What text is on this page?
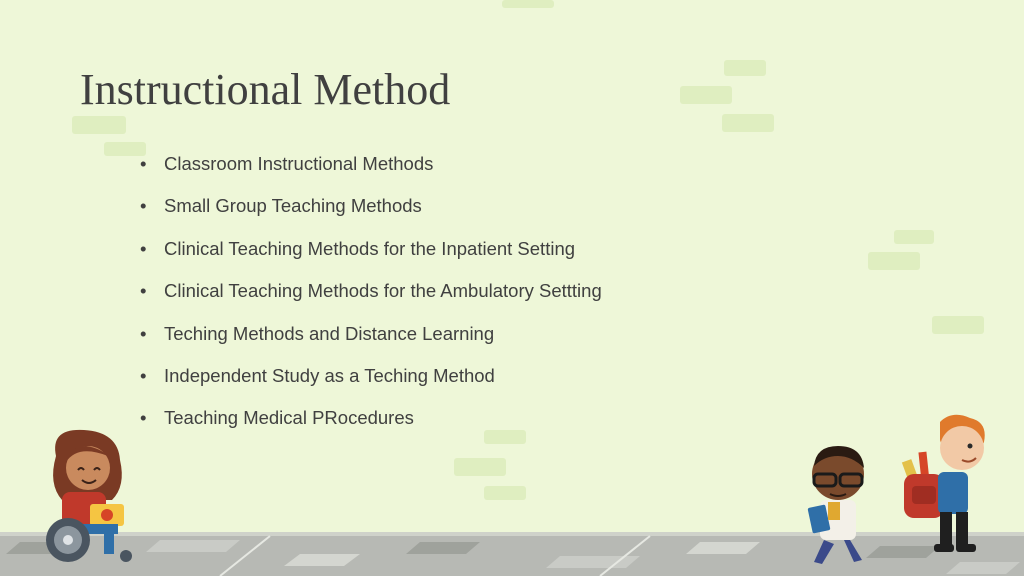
Instructional Method
• Classroom Instructional Methods
• Small Group Teaching Methods
• Clinical Teaching Methods for the Inpatient Setting
• Clinical Teaching Methods for the Ambulatory Settting
• Teching Methods and Distance Learning
• Independent Study as a Teching Method
• Teaching Medical PRocedures
